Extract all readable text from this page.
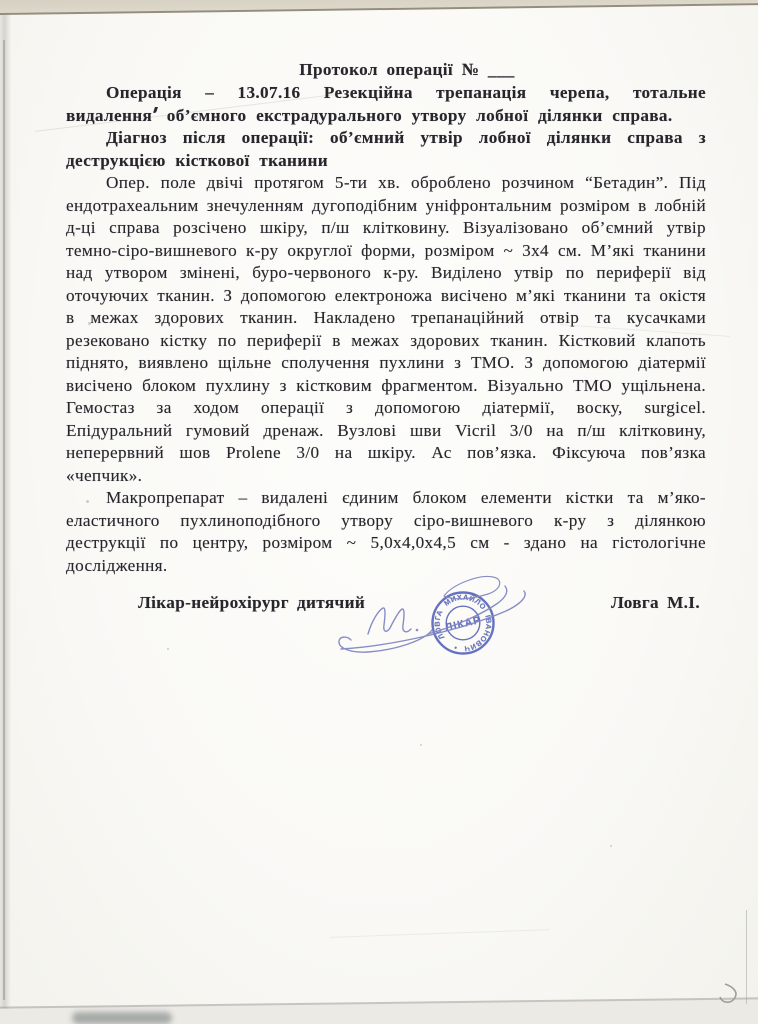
Протокол операції № ___

Операція – 13.07.16 Резекційна трепанація черепа, тотальне видалення об’ємного екстрадурального утвору лобної ділянки справа.

Діагноз після операції: об’ємний утвір лобної ділянки справа з деструкцією кісткової тканини

Опер. поле двічі протягом 5-ти хв. оброблено розчином “Бетадин”. Під ендотрахеальним знечуленням дугоподібним уніфронтальним розміром в лобній д-ці справа розсічено шкіру, п/ш клітковину. Візуалізовано об’ємний утвір темно-сіро-вишневого к-ру округлої форми, розміром ~ 3х4 см. М’які тканини над утвором змінені, буро-червоного к-ру. Виділено утвір по периферії від оточуючих тканин. З допомогою електроножа висічено м’які тканини та окістя в межах здорових тканин. Накладено трепанаційний отвір та кусачками резековано кістку по периферії в межах здорових тканин. Кістковий клапоть піднято, виявлено щільне сполучення пухлини з ТМО. З допомогою діатермії висічено блоком пухлину з кістковим фрагментом. Візуально ТМО ущільнена. Гемостаз за ходом операції з допомогою діатермії, воску, surgicel. Епідуральний гумовий дренаж. Вузлові шви Vicril 3/0 на п/ш клітковину, неперервний шов Prolene 3/0 на шкіру. Ас пов’язка. Фіксуюча пов’язка «чепчик».

Макропрепарат – видалені єдиним блоком елементи кістки та м’яко-еластичного пухлиноподібного утвору сіро-вишневого к-ру з ділянкою деструкції по центру, розміром ~ 5,0х4,0х4,5 см - здано на гістологічне дослідження.

Лікар-нейрохірург дитячий	Ловга М.І.
ЛОВГА МИХАЙЛО ІВАНОВИЧ •
ЛІКАР
